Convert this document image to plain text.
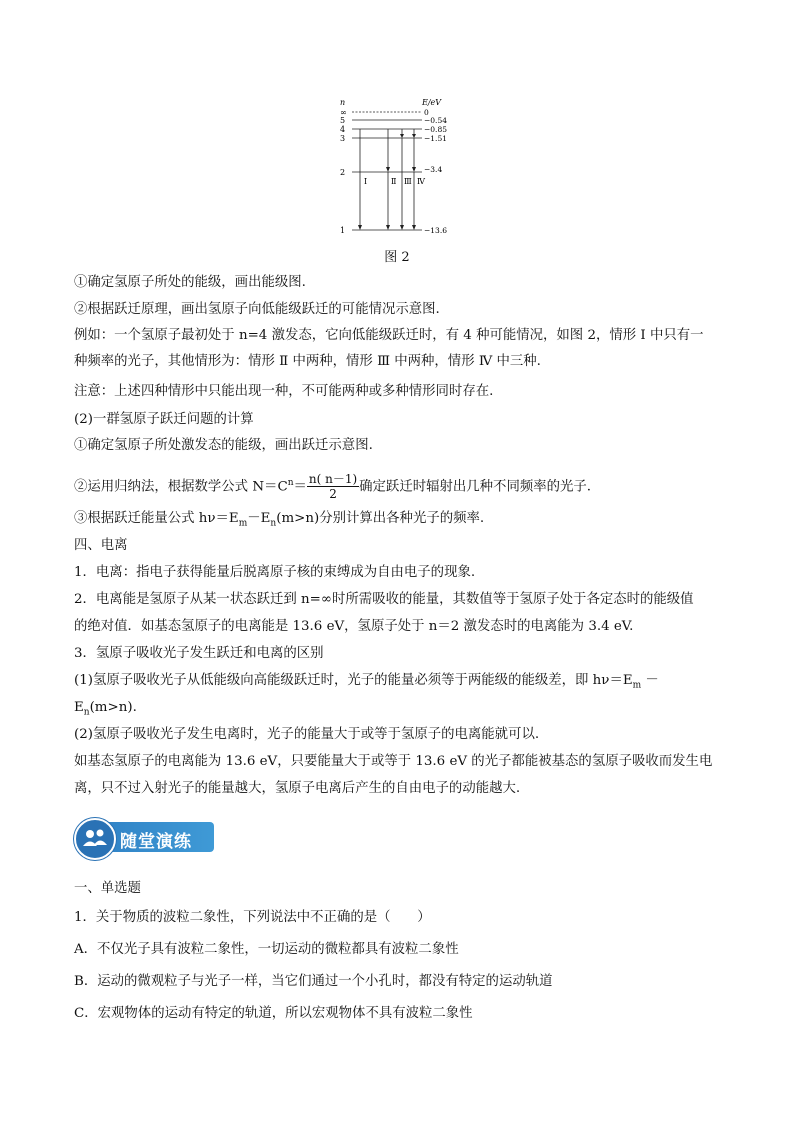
n	E/eV
∞	0
5	−0.54
4	−0.85
3	−1.51
2	−3.4
1	−13.6
Ⅰ	Ⅱ Ⅲ Ⅳ
图 2
①确定氢原子所处的能级，画出能级图.
②根据跃迁原理，画出氢原子向低能级跃迁的可能情况示意图.
例如：一个氢原子最初处于 n=4 激发态，它向低能级跃迁时，有 4 种可能情况，如图 2，情形 Ⅰ 中只有一
种频率的光子，其他情形为：情形 Ⅱ 中两种，情形 Ⅲ 中两种，情形 Ⅳ 中三种.
注意：上述四种情形中只能出现一种，不可能两种或多种情形同时存在.
(2)一群氢原子跃迁问题的计算
①确定氢原子所处激发态的能级，画出跃迁示意图.
②运用归纳法，根据数学公式 $N=C^n= \frac{n( n-1)}{2}$ 确定跃迁时辐射出几种不同频率的光子.
③根据跃迁能量公式 $h\nu=E_m-E_n(m>n)$分别计算出各种光子的频率.
四、电离
1．电离：指电子获得能量后脱离原子核的束缚成为自由电子的现象.
2．电离能是氢原子从某一状态跃迁到 n=∞时所需吸收的能量，其数值等于氢原子处于各定态时的能级值
的绝对值．如基态氢原子的电离能是 13.6 eV，氢原子处于 n＝2 激发态时的电离能为 3.4 eV.
3．氢原子吸收光子发生跃迁和电离的区别
(1)氢原子吸收光子从低能级向高能级跃迁时，光子的能量必须等于两能级的能级差，即 $h\nu=E_m$ －
$E_n(m>n)$.
(2)氢原子吸收光子发生电离时，光子的能量大于或等于氢原子的电离能就可以.
如基态氢原子的电离能为 13.6 eV，只要能量大于或等于 13.6 eV 的光子都能被基态的氢原子吸收而发生电
离，只不过入射光子的能量越大，氢原子电离后产生的自由电子的动能越大.
随堂演练
一、单选题
1．关于物质的波粒二象性，下列说法中不正确的是（　　）
A．不仅光子具有波粒二象性，一切运动的微粒都具有波粒二象性
B．运动的微观粒子与光子一样，当它们通过一个小孔时，都没有特定的运动轨道
C．宏观物体的运动有特定的轨道，所以宏观物体不具有波粒二象性
